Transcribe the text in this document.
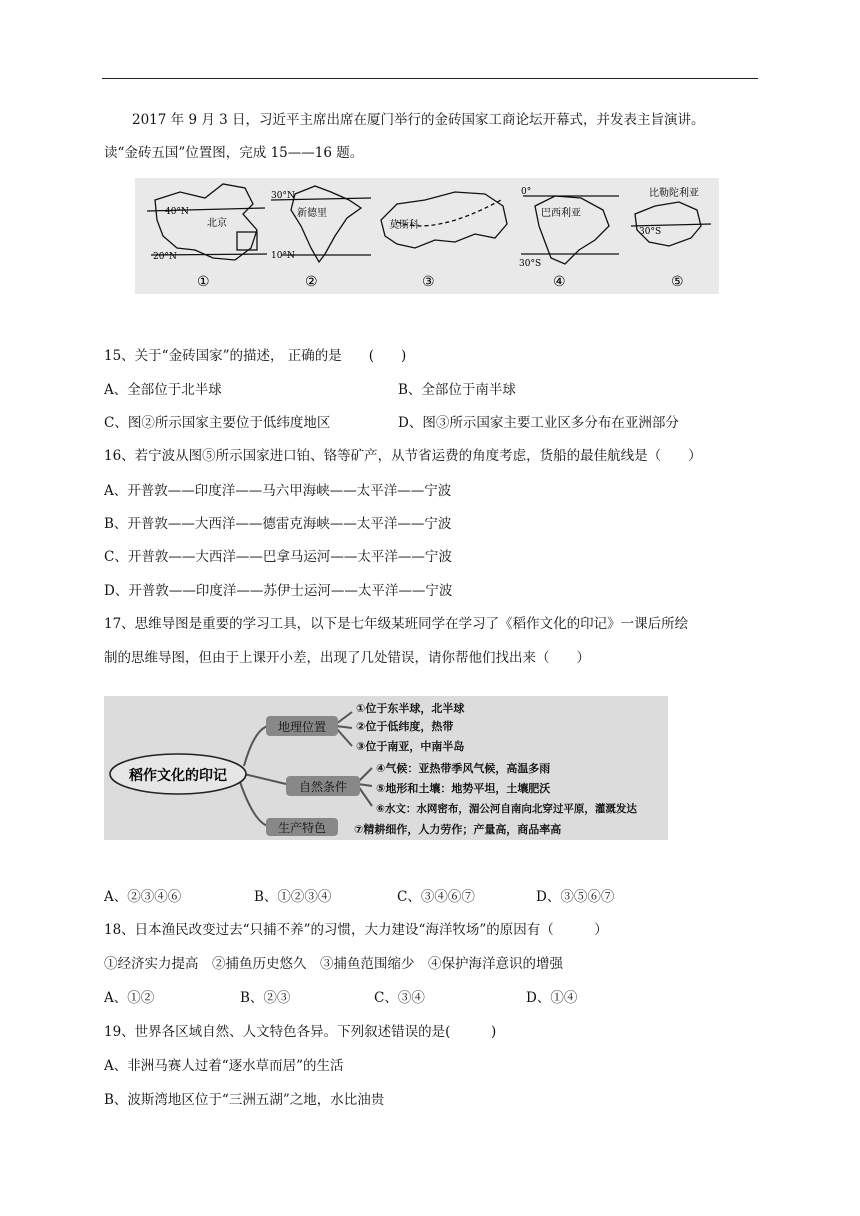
2017 年 9 月 3 日，习近平主席出席在厦门举行的金砖国家工商论坛开幕式，并发表主旨演讲。
读“金砖五国”位置图，完成 15——16 题。
40°N
20°N
北京
①
30°N
10°N
新德里
②
莫斯科
③
0°
30°S
巴西利亚
④
比勒陀利亚
30°S
⑤
15、关于“金砖国家”的描述， 正确的是　　(　　)
A、全部位于北半球	B、全部位于南半球
C、图②所示国家主要位于低纬度地区	D、图③所示国家主要工业区多分布在亚洲部分
16、若宁波从图⑤所示国家进口铂、铬等矿产，从节省运费的角度考虑，货船的最佳航线是（　　）
A、开普敦——印度洋——马六甲海峡——太平洋——宁波
B、开普敦——大西洋——德雷克海峡——太平洋——宁波
C、开普敦——大西洋——巴拿马运河——太平洋——宁波
D、开普敦——印度洋——苏伊士运河——太平洋——宁波
17、思维导图是重要的学习工具，以下是七年级某班同学在学习了《稻作文化的印记》一课后所绘
制的思维导图，但由于上课开小差，出现了几处错误，请你帮他们找出来（　　）
稻作文化的印记
地理位置
自然条件
生产特色
①位于东半球，北半球
②位于低纬度，热带
③位于南亚，中南半岛
④气候：亚热带季风气候，高温多雨
⑤地形和土壤：地势平坦，土壤肥沃
⑥水文：水网密布，湄公河自南向北穿过平原，灌溉发达
⑦精耕细作，人力劳作；产量高，商品率高
A、②③④⑥	B、①②③④	C、③④⑥⑦	D、③⑤⑥⑦
18、日本渔民改变过去“只捕不养”的习惯，大力建设“海洋牧场”的原因有（　　　）
①经济实力提高　②捕鱼历史悠久　③捕鱼范围缩少　④保护海洋意识的增强
A、①②	B、②③	C、③④	D、①④
19、世界各区域自然、人文特色各异。下列叙述错误的是(　　　)
A、非洲马赛人过着“逐水草而居”的生活
B、波斯湾地区位于“三洲五湖”之地，水比油贵
